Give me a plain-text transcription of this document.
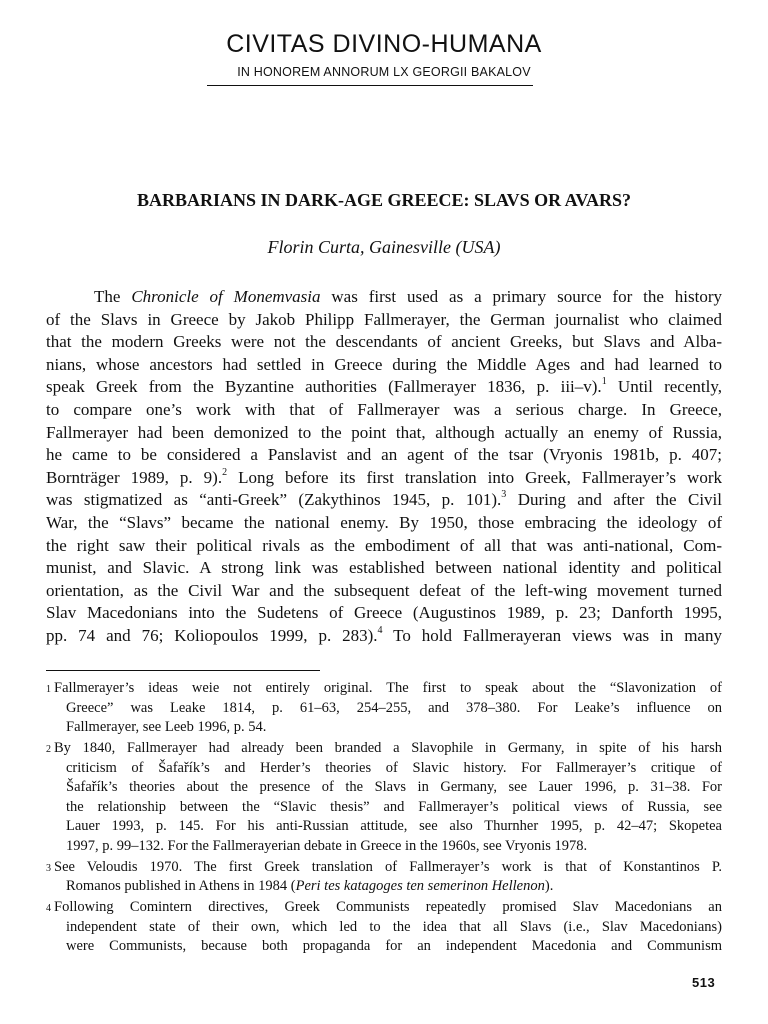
CIVITAS DIVINO-HUMANA
IN HONOREM ANNORUM LX GEORGII BAKALOV
BARBARIANS IN DARK-AGE GREECE: SLAVS OR AVARS?
Florin Curta, Gainesville (USA)
The Chronicle of Monemvasia was first used as a primary source for the history
of the Slavs in Greece by Jakob Philipp Fallmerayer, the German journalist who claimed
that the modern Greeks were not the descendants of ancient Greeks, but Slavs and Alba-
nians, whose ancestors had settled in Greece during the Middle Ages and had learned to
speak Greek from the Byzantine authorities (Fallmerayer 1836, p. iii–v).$^1$ Until recently,
to compare one’s work with that of Fallmerayer was a serious charge. In Greece,
Fallmerayer had been demonized to the point that, although actually an enemy of Russia,
he came to be considered a Panslavist and an agent of the tsar (Vryonis 1981b, p. 407;
Bornträger 1989, p. 9).$^2$ Long before its first translation into Greek, Fallmerayer’s work
was stigmatized as “anti-Greek” (Zakythinos 1945, p. 101).$^3$ During and after the Civil
War, the “Slavs” became the national enemy. By 1950, those embracing the ideology of
the right saw their political rivals as the embodiment of all that was anti-national, Com-
munist, and Slavic. A strong link was established between national identity and political
orientation, as the Civil War and the subsequent defeat of the left-wing movement turned
Slav Macedonians into the Sudetens of Greece (Augustinos 1989, p. 23; Danforth 1995,
pp. 74 and 76; Koliopoulos 1999, p. 283).$^4$ To hold Fallmerayeran views was in many
$^1$ Fallmerayer’s ideas weie not entirely original. The first to speak about the “Slavonization of
Greece” was Leake 1814, p. 61–63, 254–255, and 378–380. For Leake’s influence on
Fallmerayer, see Leeb 1996, p. 54.
$^2$ By 1840, Fallmerayer had already been branded a Slavophile in Germany, in spite of his harsh
criticism of Šafařík’s and Herder’s theories of Slavic history. For Fallmerayer’s critique of
Šafařík’s theories about the presence of the Slavs in Germany, see Lauer 1996, p. 31–38. For
the relationship between the “Slavic thesis” and Fallmerayer’s political views of Russia, see
Lauer 1993, p. 145. For his anti-Russian attitude, see also Thurnher 1995, p. 42–47; Skopetea
1997, p. 99–132. For the Fallmerayerian debate in Greece in the 1960s, see Vryonis 1978.
$^3$ See Veloudis 1970. The first Greek translation of Fallmerayer’s work is that of Konstantinos P.
Romanos published in Athens in 1984 (Peri tes katagoges ten semerinon Hellenon).
$^4$ Following Comintern directives, Greek Communists repeatedly promised Slav Macedonians an
independent state of their own, which led to the idea that all Slavs (i.e., Slav Macedonians)
were Communists, because both propaganda for an independent Macedonia and Communism
513
